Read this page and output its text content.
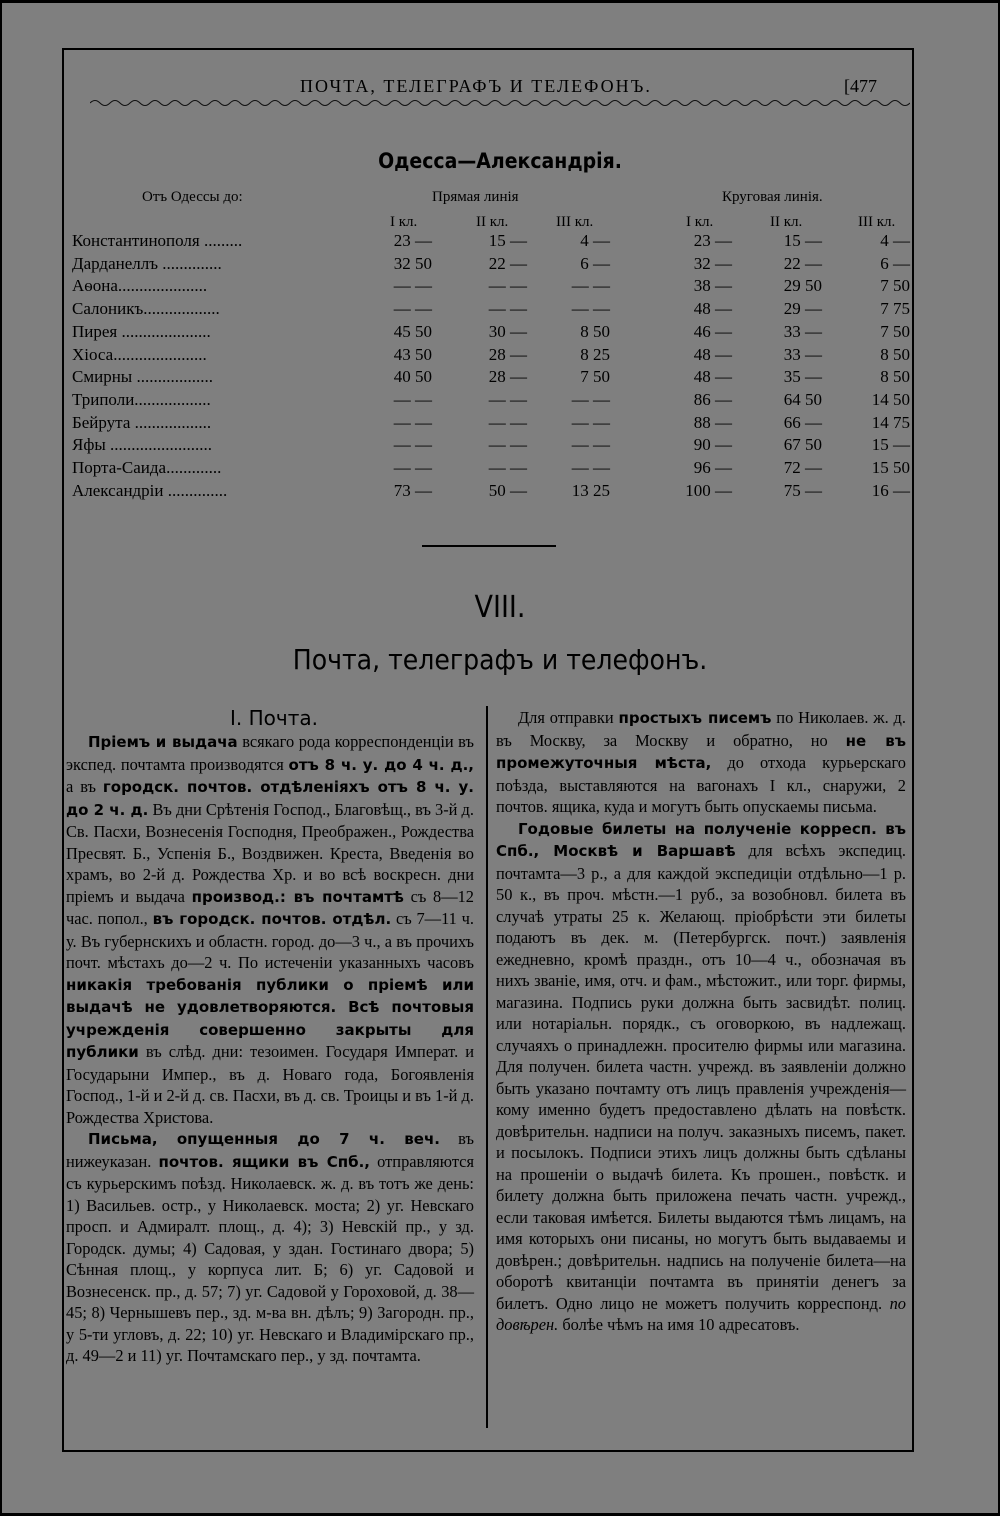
ПОЧТА, ТЕЛЕГРАФЪ И ТЕЛЕФОНЪ.	[477
Одесса—Александрія.
Отъ Одессы до:	Прямая линія	Круговая линія.
I кл.	II кл.	III кл.	I кл.	II кл.	III кл.
Константинополя .........	23 —	15 —	4 —	23 —	15 —	4 —
Дарданеллъ ..............	32 50	22 —	6 —	32 —	22 —	6 —
Аѳона.....................	— —	— —	— —	38 —	29 50	7 50
Салоникъ..................	— —	— —	— —	48 —	29 —	7 75
Пирея .....................	45 50	30 —	8 50	46 —	33 —	7 50
Хіоса......................	43 50	28 —	8 25	48 —	33 —	8 50
Смирны ..................	40 50	28 —	7 50	48 —	35 —	8 50
Триполи..................	— —	— —	— —	86 —	64 50	14 50
Бейрута ..................	— —	— —	— —	88 —	66 —	14 75
Яфы ........................	— —	— —	— —	90 —	67 50	15 —
Порта-Саида.............	— —	— —	— —	96 —	72 —	15 50
Александріи ..............	73 —	50 —	13 25	100 —	75 —	16 —
VIII.
Почта, телеграфъ и телефонъ.
I. Почта.

Пріемъ и выдача всякаго рода корреспонденціи въ экспед. почтамта производятся отъ 8 ч. у. до 4 ч. д., а въ городск. почтов. отдѣленіяхъ отъ 8 ч. у. до 2 ч. д. Въ дни Срѣтенія Господ., Благовѣщ., въ 3-й д. Св. Пасхи, Вознесенія Господня, Преображен., Рождества Пресвят. Б., Успенія Б., Воздвижен. Креста, Введенія во храмъ, во 2-й д. Рождества Хр. и во всѣ воскресн. дни пріемъ и выдача производ.: въ почтамтѣ съ 8—12 час. попол., въ городск. почтов. отдѣл. съ 7—11 ч. у. Въ губернскихъ и областн. город. до—3 ч., а въ прочихъ почт. мѣстахъ до—2 ч. По истеченіи указанныхъ часовъ никакія требованія публики о пріемѣ или выдачѣ не удовлетворяются. Всѣ почтовыя учрежденія совершенно закрыты для публики въ слѣд. дни: тезоимен. Государя Императ. и Государыни Импер., въ д. Новаго года, Богоявленія Господ., 1-й и 2-й д. св. Пасхи, въ д. св. Троицы и въ 1-й д. Рождества Христова.

Письма, опущенныя до 7 ч. веч. въ нижеуказан. почтов. ящики въ Спб., отправляются съ курьерскимъ поѣзд. Николаевск. ж. д. въ тотъ же день: 1) Васильев. остр., у Николаевск. моста; 2) уг. Невскаго просп. и Адмиралт. площ., д. 4); 3) Невскій пр., у зд. Городск. думы; 4) Садовая, у здан. Гостинаго двора; 5) Сѣнная площ., у корпуса лит. Б; 6) уг. Садовой и Вознесенск. пр., д. 57; 7) уг. Садовой у Гороховой, д. 38—45; 8) Чернышевъ пер., зд. м-ва вн. дѣлъ; 9) Загородн. пр., у 5-ти угловъ, д. 22; 10) уг. Невскаго и Владимірскаго пр., д. 49—2 и 11) уг. Почтамскаго пер., у зд. почтамта.

Для отправки простыхъ писемъ по Николаев. ж. д. въ Москву, за Москву и обратно, но не въ промежуточныя мѣста, до отхода курьерскаго поѣзда, выставляются на вагонахъ I кл., снаружи, 2 почтов. ящика, куда и могутъ быть опускаемы письма.

Годовые билеты на полученіе корресп. въ Спб., Москвѣ и Варшавѣ для всѣхъ экспедиц. почтамта—3 р., а для каждой экспедиціи отдѣльно—1 р. 50 к., въ проч. мѣстн.—1 руб., за возобновл. билета въ случаѣ утраты 25 к. Желающ. пріобрѣсти эти билеты подаютъ въ дек. м. (Петербургск. почт.) заявленія ежедневно, кромѣ праздн., отъ 10—4 ч., обозначая въ нихъ званіе, имя, отч. и фам., мѣстожит., или торг. фирмы, магазина. Подпись руки должна быть засвидѣт. полиц. или нотаріальн. порядк., съ оговоркою, въ надлежащ. случаяхъ о принадлежн. просителю фирмы или магазина. Для получен. билета частн. учрежд. въ заявленіи должно быть указано почтамту отъ лицъ правленія учрежденія—кому именно будетъ предоставлено дѣлать на повѣстк. довѣрительн. надписи на получ. заказныхъ писемъ, пакет. и посылокъ. Подписи этихъ лицъ должны быть сдѣланы на прошеніи о выдачѣ билета. Къ прошен., повѣстк. и билету должна быть приложена печать частн. учрежд., если таковая имѣется. Билеты выдаются тѣмъ лицамъ, на имя которыхъ они писаны, но могутъ быть выдаваемы и довѣрен.; довѣрительн. надпись на полученіе билета—на оборотѣ квитанціи почтамта въ принятіи денегъ за билетъ. Одно лицо не можетъ получить корреспонд. по довѣрен. болѣе чѣмъ на имя 10 адресатовъ.
